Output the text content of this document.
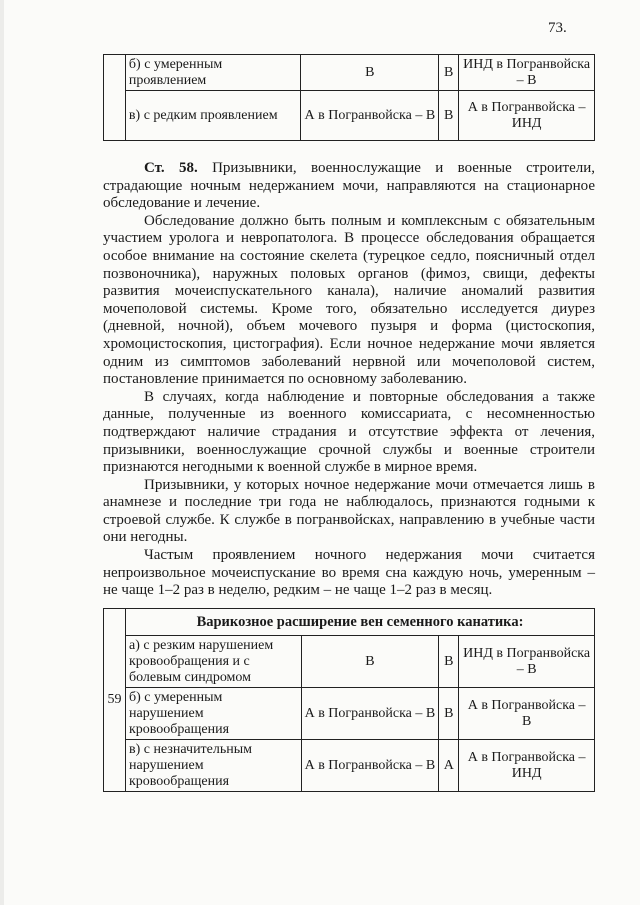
73.
	б) с умеренным проявлением	В	В	ИНД в Погранвойска – В
	в) с редким проявлением	А в Погранвойска – В	В	А в Погранвойска – ИНД

Ст. 58. Призывники, военнослужащие и военные строители, страдающие ночным недержанием мочи, направляются на стационарное обследование и лечение.

Обследование должно быть полным и комплексным с обязательным участием уролога и невропатолога. В процессе обследования обращается особое внимание на состояние скелета (турецкое седло, поясничный отдел позвоночника), наружных половых органов (фимоз, свищи, дефекты развития мочеиспускательного канала), наличие аномалий развития мочеполовой системы. Кроме того, обязательно исследуется диурез (дневной, ночной), объем мочевого пузыря и форма (цистоскопия, хромоцистоскопия, цистография). Если ночное недержание мочи является одним из симптомов заболеваний нервной или мочеполовой систем, постановление принимается по основному заболеванию.

В случаях, когда наблюдение и повторные обследования а также данные, полученные из военного комиссариата, с несомненностью подтверждают наличие страдания и отсутствие эффекта от лечения, призывники, военнослужащие срочной службы и военные строители признаются негодными к военной службе в мирное время.

Призывники, у которых ночное недержание мочи отмечается лишь в анамнезе и последние три года не наблюдалось, признаются годными к строевой службе. К службе в погранвойсках, направлению в учебные части они негодны.

Частым проявлением ночного недержания мочи считается непроизвольное мочеиспускание во время сна каждую ночь, умеренным – не чаще 1–2 раз в неделю, редким – не чаще 1–2 раз в месяц.

59	Варикозное расширение вен семенного канатика:			
	а) с резким нарушением кровообращения и с болевым синдромом	В	В	ИНД в Погранвойска – В
	б) с умеренным нарушением кровообращения	А в Погранвойска – В	В	А в Погранвойска – В
	в) с незначительным нарушением кровообращения	А в Погранвойска – В	А	А в Погранвойска – ИНД
